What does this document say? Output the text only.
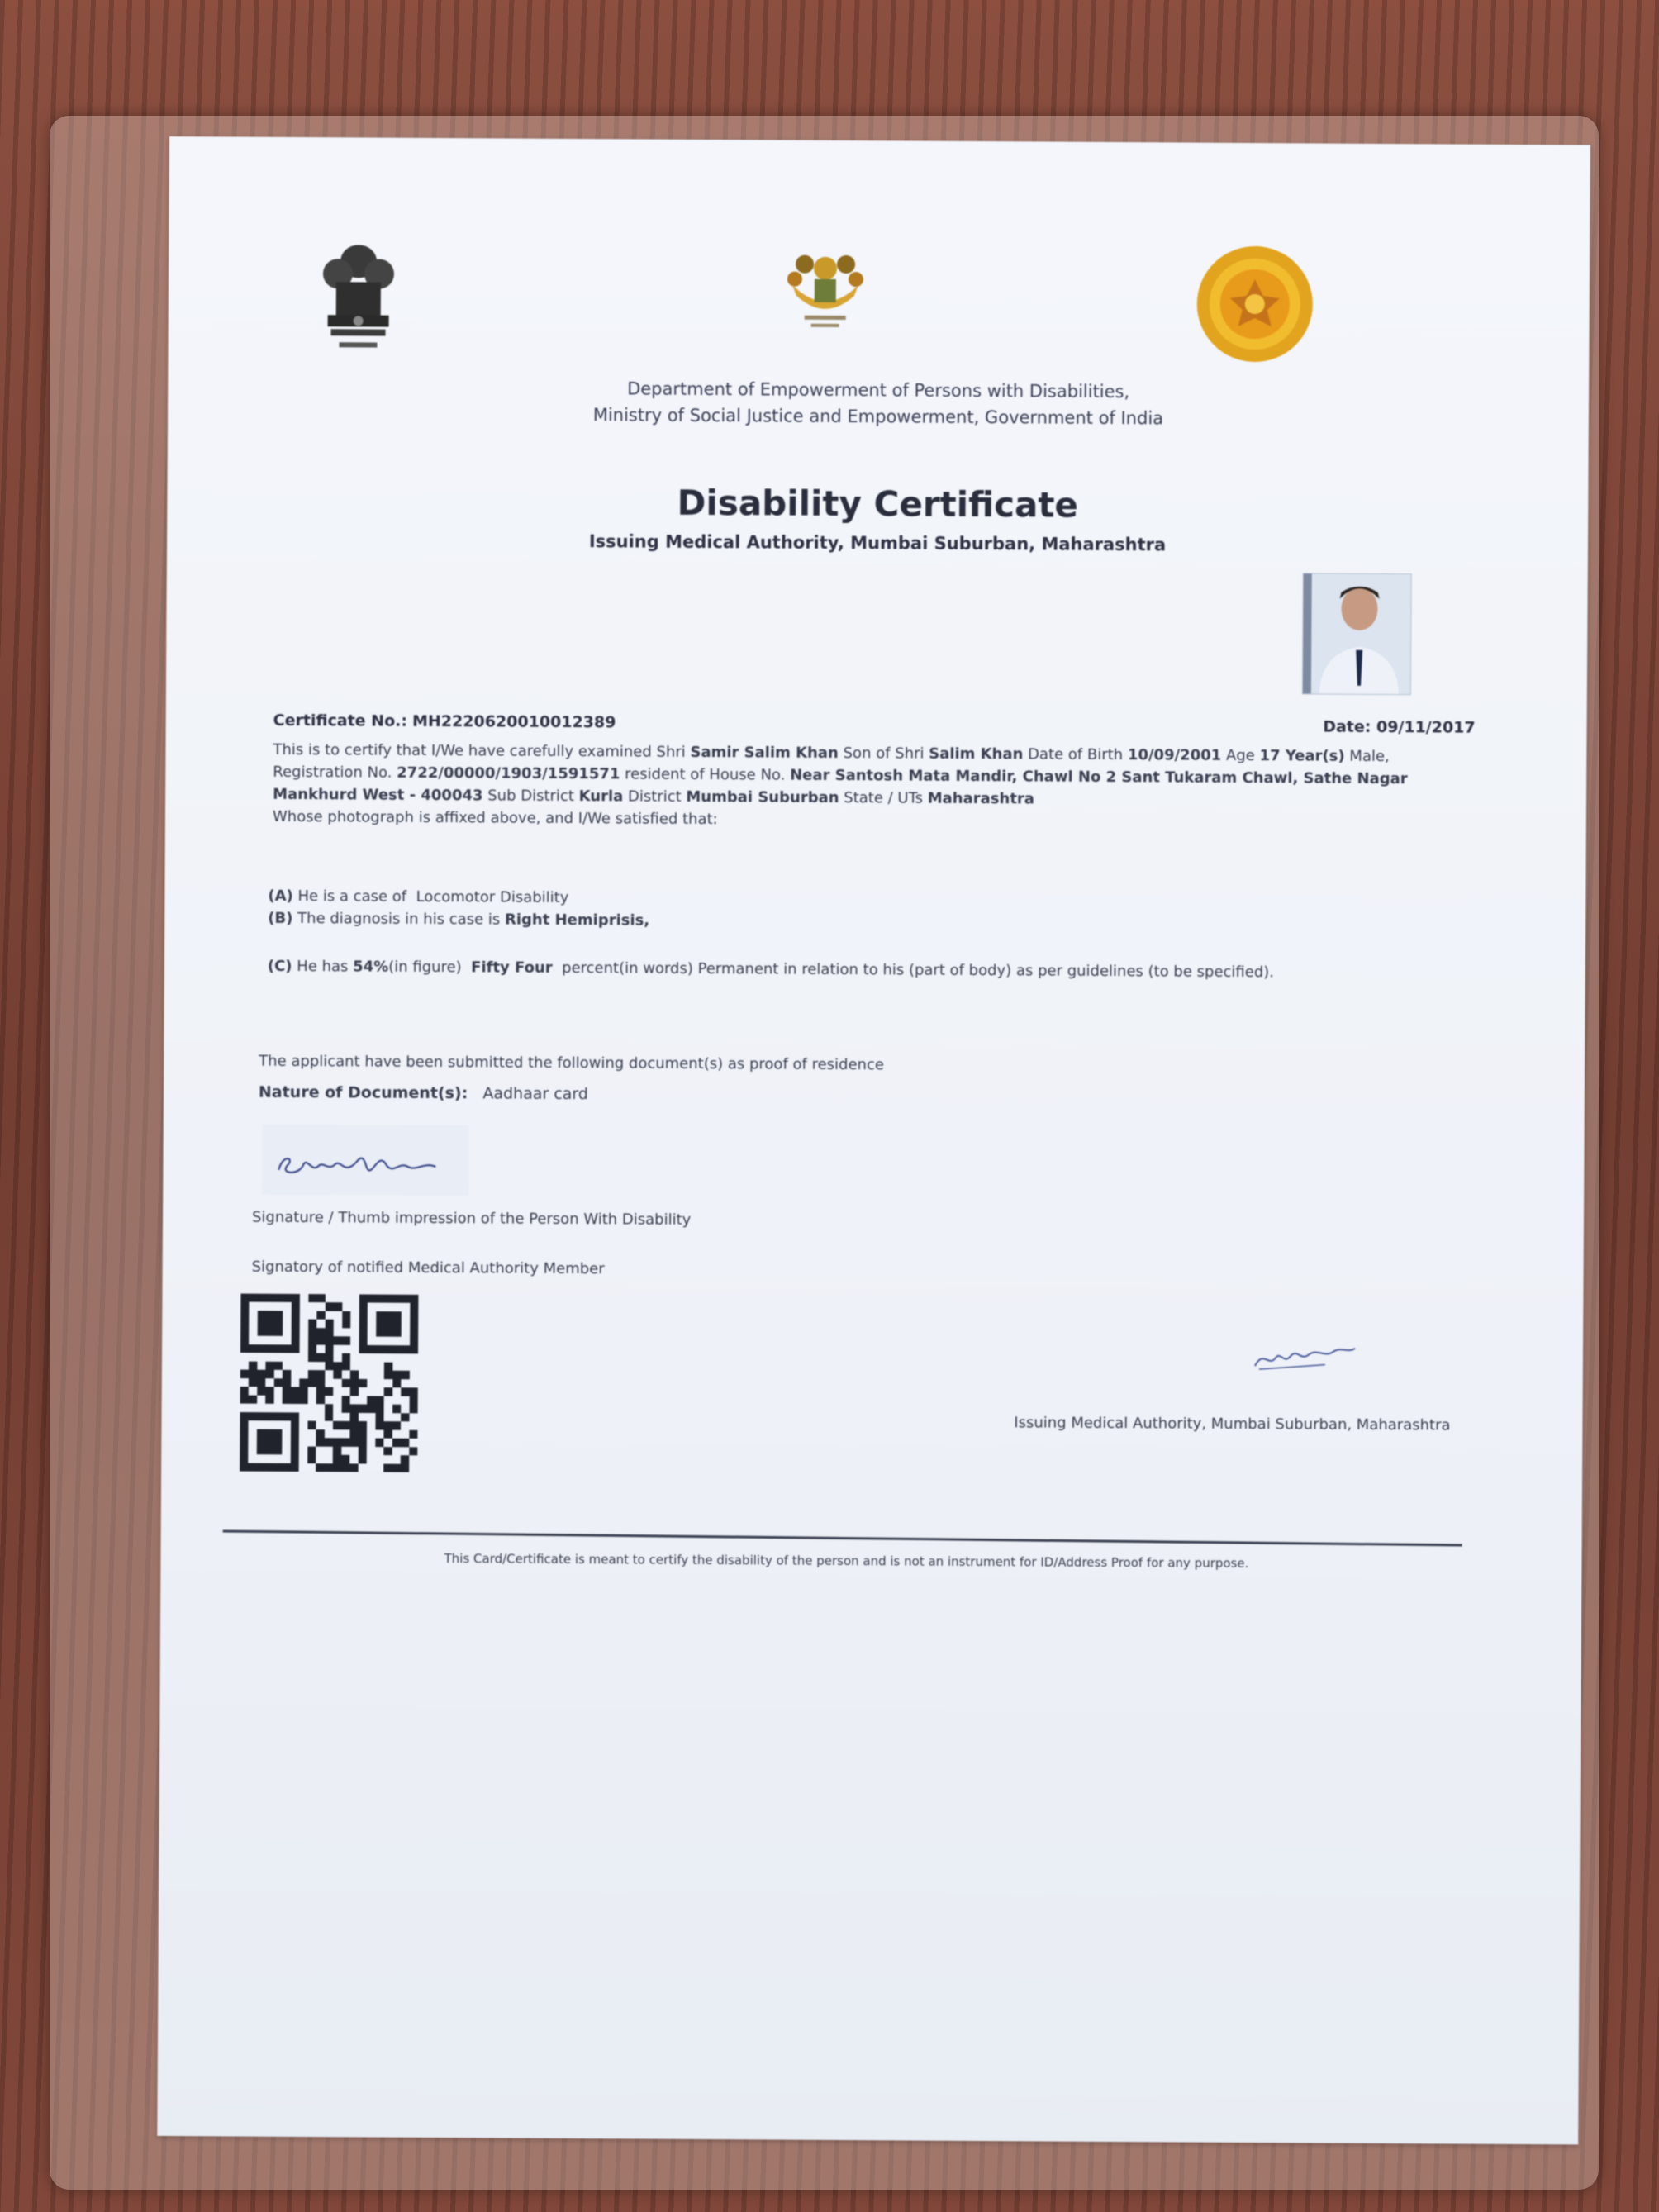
Department of Empowerment of Persons with Disabilities,
Ministry of Social Justice and Empowerment, Government of India
Disability Certificate
Issuing Medical Authority, Mumbai Suburban, Maharashtra
Certificate No.: MH2220620010012389	Date: 09/11/2017
This is to certify that I/We have carefully examined Shri Samir Salim Khan Son of Shri Salim Khan Date of Birth 10/09/2001 Age 17 Year(s) Male, Registration No. 2722/00000/1903/1591571 resident of House No. Near Santosh Mata Mandir, Chawl No 2 Sant Tukaram Chawl, Sathe Nagar Mankhurd West - 400043 Sub District Kurla District Mumbai Suburban State / UTs Maharashtra
Whose photograph is affixed above, and I/We satisfied that:
(A) He is a case of Locomotor Disability
(B) The diagnosis in his case is Right Hemiprisis,
(C) He has 54%(in figure) Fifty Four percent(in words) Permanent in relation to his (part of body) as per guidelines (to be specified).
The applicant have been submitted the following document(s) as proof of residence
Nature of Document(s): Aadhaar card
Signature / Thumb impression of the Person With Disability
Signatory of notified Medical Authority Member
Issuing Medical Authority, Mumbai Suburban, Maharashtra
This Card/Certificate is meant to certify the disability of the person and is not an instrument for ID/Address Proof for any purpose.
